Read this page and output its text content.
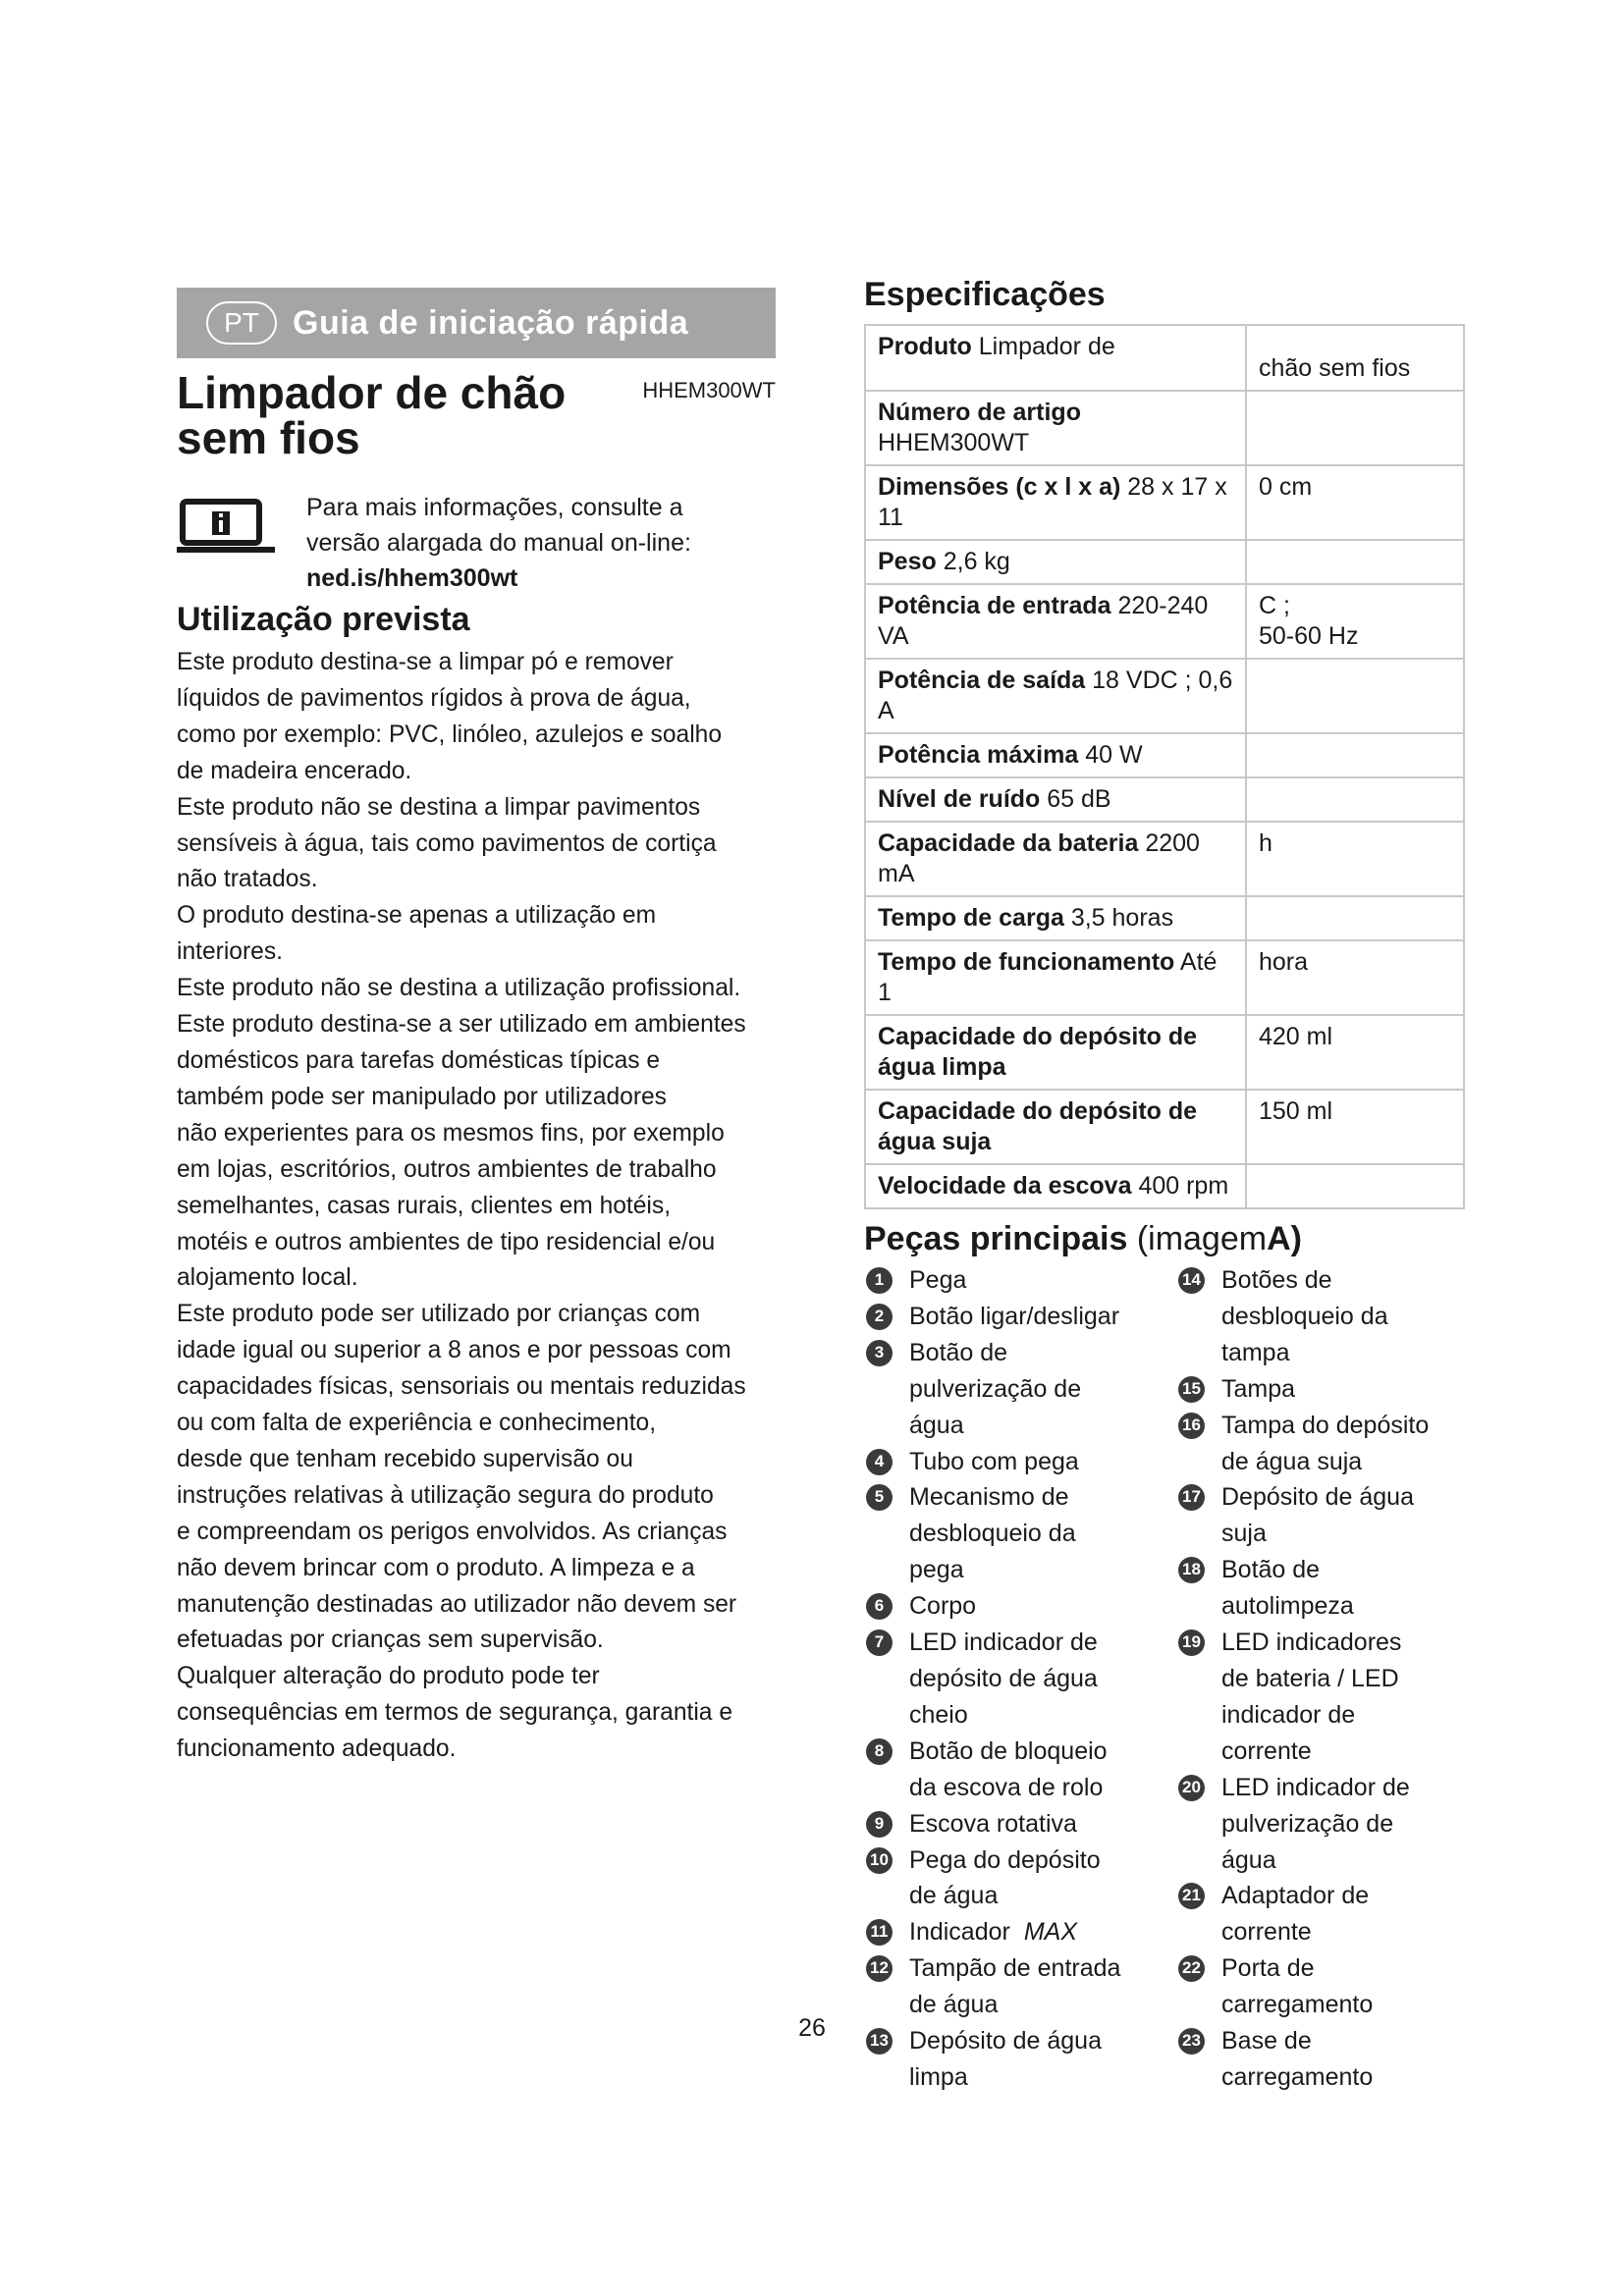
PT	Guia de iniciação rápida
Limpador de chão
sem fios
HHEM300WT
Para mais informações, consulte a
versão alargada do manual on-line:
ned.is/hhem300wt
Utilização prevista
Este produto destina-se a limpar pó e remover
líquidos de pavimentos rígidos à prova de água,
como por exemplo: PVC, linóleo, azulejos e soalho
de madeira encerado.
Este produto não se destina a limpar pavimentos
sensíveis à água, tais como pavimentos de cortiça
não tratados.
O produto destina-se apenas a utilização em
interiores.
Este produto não se destina a utilização profissional.
Este produto destina-se a ser utilizado em ambientes
domésticos para tarefas domésticas típicas e
também pode ser manipulado por utilizadores
não experientes para os mesmos fins, por exemplo
em lojas, escritórios, outros ambientes de trabalho
semelhantes, casas rurais, clientes em hotéis,
motéis e outros ambientes de tipo residencial e/ou
alojamento local.
Este produto pode ser utilizado por crianças com
idade igual ou superior a 8 anos e por pessoas com
capacidades físicas, sensoriais ou mentais reduzidas
ou com falta de experiência e conhecimento,
desde que tenham recebido supervisão ou
instruções relativas à utilização segura do produto
e compreendam os perigos envolvidos. As crianças
não devem brincar com o produto. A limpeza e a
manutenção destinadas ao utilizador não devem ser
efetuadas por crianças sem supervisão.
Qualquer alteração do produto pode ter
consequências em termos de segurança, garantia e
funcionamento adequado.
Especificações
Produto Limpador de	chão sem fios

Número de artigo HHEM300WT	

Dimensões (c x l x a) 28 x 17 x 11	0 cm

Peso 2,6 kg	

Potência de entrada 220-240 VA	C ;
50-60 Hz

Potência de saída 18 VDC ; 0,6 A	

Potência máxima 40 W	

Nível de ruído 65 dB	

Capacidade da bateria 2200 mA	h

Tempo de carga 3,5 horas	

Tempo de funcionamento Até 1	hora

Capacidade do depósito de água limpa	420 ml

Capacidade do depósito de água suja	150 ml

Velocidade da escova 400 rpm	
Peças principais (imagemA)
1	Pega
2	Botão ligar/desligar
3	Botão de
pulverização de
água
4	Tubo com pega
5	Mecanismo de
desbloqueio da
pega
6	Corpo
7	LED indicador de
depósito de água
cheio
8	Botão de bloqueio
da escova de rolo
9	Escova rotativa
10 Pega do depósito
de água
11 Indicador MAX
12 Tampão de entrada
de água
13 Depósito de água
limpa
14 Botões de
desbloqueio da
tampa
15 Tampa
16 Tampa do depósito
de água suja
17 Depósito de água
suja
18 Botão de
autolimpeza
19 LED indicadores
de bateria / LED
indicador de
corrente
20 LED indicador de
pulverização de
água
21 Adaptador de
corrente
22 Porta de
carregamento
23 Base de
carregamento
26
